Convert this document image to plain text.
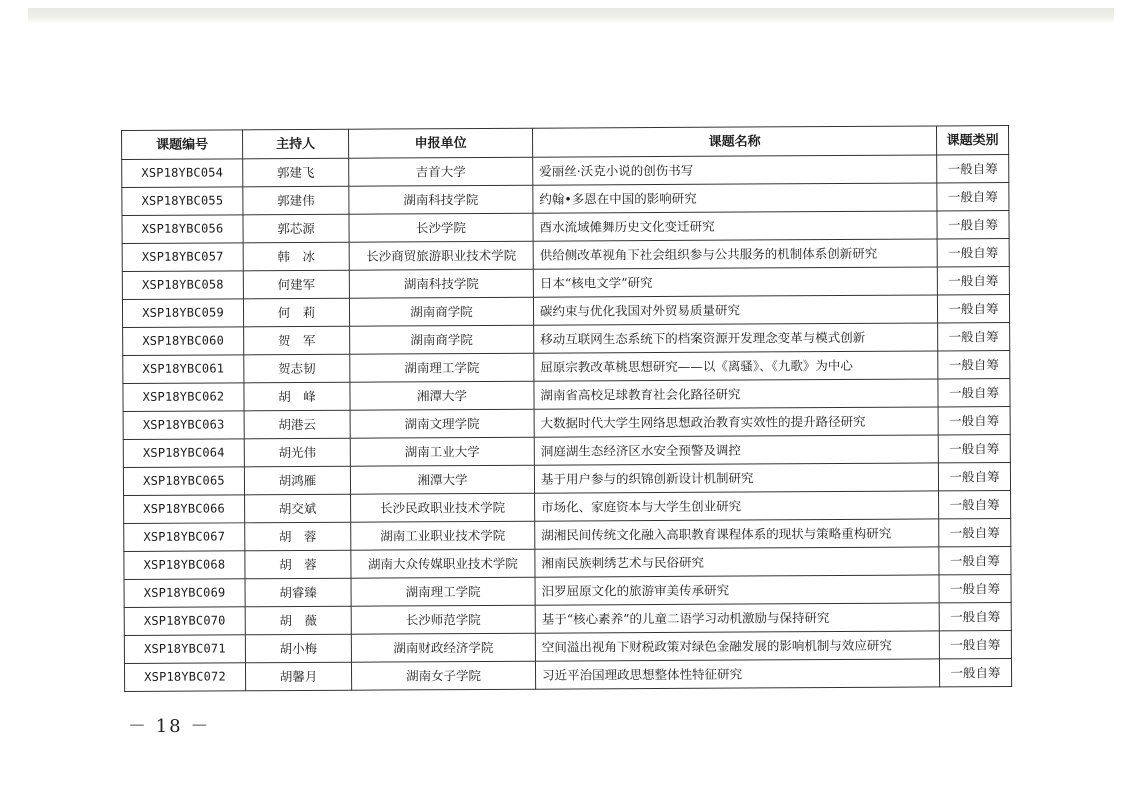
课题编号	主持人	申报单位	课题名称	课题类别
XSP18YBC054	郭建飞	吉首大学	爱丽丝·沃克小说的创伤书写	一般自筹
XSP18YBC055	郭建伟	湖南科技学院	约翰•多恩在中国的影响研究	一般自筹
XSP18YBC056	郭芯源	长沙学院	酉水流域傩舞历史文化变迁研究	一般自筹
XSP18YBC057	韩　冰	长沙商贸旅游职业技术学院	供给侧改革视角下社会组织参与公共服务的机制体系创新研究	一般自筹
XSP18YBC058	何建军	湖南科技学院	日本“核电文学”研究	一般自筹
XSP18YBC059	何　莉	湖南商学院	碳约束与优化我国对外贸易质量研究	一般自筹
XSP18YBC060	贺　军	湖南商学院	移动互联网生态系统下的档案资源开发理念变革与模式创新	一般自筹
XSP18YBC061	贺志韧	湖南理工学院	屈原宗教改革桃思想研究——以《离骚》、《九歌》为中心	一般自筹
XSP18YBC062	胡　峰	湘潭大学	湖南省高校足球教育社会化路径研究	一般自筹
XSP18YBC063	胡港云	湖南文理学院	大数据时代大学生网络思想政治教育实效性的提升路径研究	一般自筹
XSP18YBC064	胡光伟	湖南工业大学	洞庭湖生态经济区水安全预警及调控	一般自筹
XSP18YBC065	胡鸿雁	湘潭大学	基于用户参与的织锦创新设计机制研究	一般自筹
XSP18YBC066	胡交斌	长沙民政职业技术学院	市场化、家庭资本与大学生创业研究	一般自筹
XSP18YBC067	胡　蓉	湖南工业职业技术学院	湖湘民间传统文化融入高职教育课程体系的现状与策略重构研究	一般自筹
XSP18YBC068	胡　蓉	湖南大众传媒职业技术学院	湘南民族刺绣艺术与民俗研究	一般自筹
XSP18YBC069	胡睿臻	湖南理工学院	汨罗屈原文化的旅游审美传承研究	一般自筹
XSP18YBC070	胡　薇	长沙师范学院	基于“核心素养”的儿童二语学习动机激励与保持研究	一般自筹
XSP18YBC071	胡小梅	湖南财政经济学院	空间溢出视角下财税政策对绿色金融发展的影响机制与效应研究	一般自筹
XSP18YBC072	胡馨月	湖南女子学院	习近平治国理政思想整体性特征研究	一般自筹
－ 18 －
